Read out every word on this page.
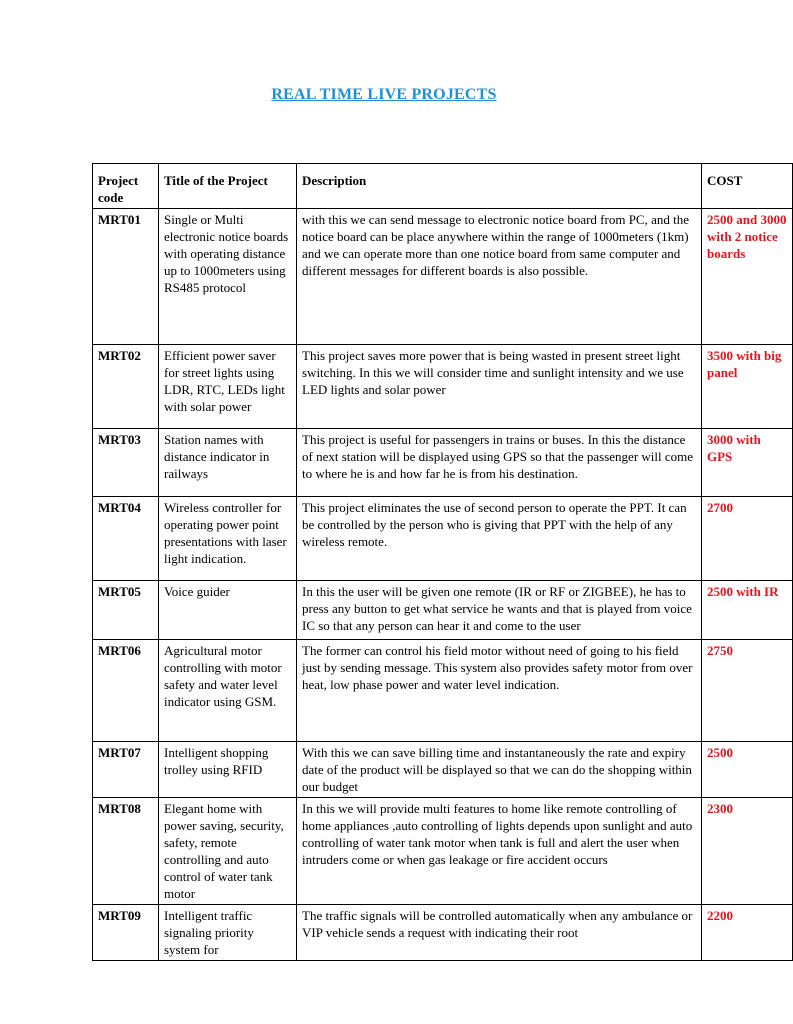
REAL TIME LIVE PROJECTS
Project code	Title of the Project	Description	COST
MRT01	Single or Multi electronic notice boards with operating distance up to 1000meters using RS485 protocol	with this we can send message to electronic notice board from PC, and the notice board can be place anywhere within the range of 1000meters (1km) and we can operate more than one notice board from same computer and different messages for different boards is also possible.	2500 and 3000 with 2 notice boards
MRT02	Efficient power saver for street lights using LDR, RTC, LEDs light with solar power	This project saves more power that is being wasted in present street light switching. In this we will consider time and sunlight intensity and we use LED lights and solar power	3500 with big panel
MRT03	Station names with distance indicator in railways	This project is useful for passengers in trains or buses. In this the distance of next station will be displayed using GPS so that the passenger will come to where he is and how far he is from his destination.	3000 with GPS
MRT04	Wireless controller for operating power point presentations with laser light indication.	This project eliminates the use of second person to operate the PPT. It can be controlled by the person who is giving that PPT with the help of any wireless remote.	2700
MRT05	Voice guider	In this the user will be given one remote (IR or RF or ZIGBEE), he has to press any button to get what service he wants and that is played from voice IC so that any person can hear it and come to the user	2500 with IR
MRT06	Agricultural motor controlling with motor safety and water level indicator using GSM.	The former can control his field motor without need of going to his field just by sending message. This system also provides safety motor from over heat, low phase power and water level indication.	2750
MRT07	Intelligent shopping trolley using RFID	With this we can save billing time and instantaneously the rate and expiry date of the product will be displayed so that we can do the shopping within our budget	2500
MRT08	Elegant home with power saving, security, safety, remote controlling and auto control of water tank motor	In this we will provide multi features to home like remote controlling of home appliances ,auto controlling of lights depends upon sunlight and auto controlling of water tank motor when tank is full and alert the user when intruders come or when gas leakage or fire accident occurs	2300
MRT09	Intelligent traffic signaling priority system for	The traffic signals will be controlled automatically when any ambulance or VIP vehicle sends a request with indicating their root	2200
